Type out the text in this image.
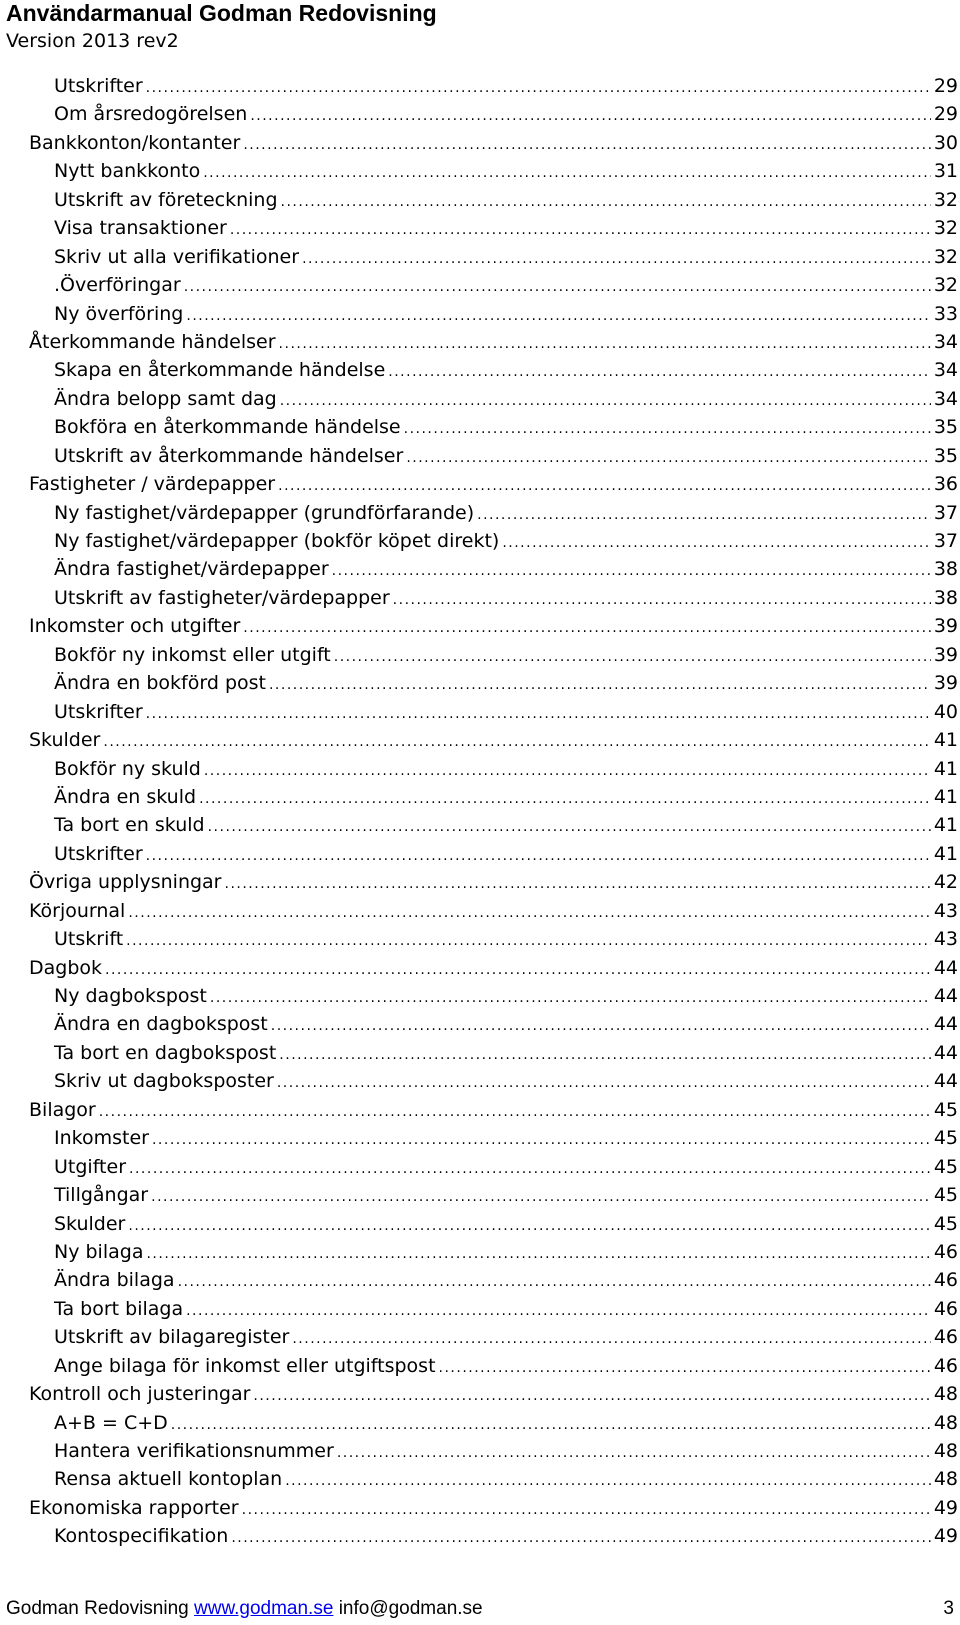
Användarmanual Godman Redovisning
Version 2013 rev2
Utskrifter .....	29
Om årsredogörelsen .....	29
Bankkonton/kontanter .....	30
Nytt bankkonto .....	31
Utskrift av företeckning .....	32
Visa transaktioner .....	32
Skriv ut alla verifikationer .....	32
.Överföringar .....	32
Ny överföring .....	33
Återkommande händelser .....	34
Skapa en återkommande händelse .....	34
Ändra belopp samt dag .....	34
Bokföra en återkommande händelse .....	35
Utskrift av återkommande händelser .....	35
Fastigheter / värdepapper .....	36
Ny fastighet/värdepapper (grundförfarande) .....	37
Ny fastighet/värdepapper (bokför köpet direkt) .....	37
Ändra fastighet/värdepapper .....	38
Utskrift av fastigheter/värdepapper .....	38
Inkomster och utgifter .....	39
Bokför ny inkomst eller utgift .....	39
Ändra en bokförd post .....	39
Utskrifter .....	40
Skulder .....	41
Bokför ny skuld .....	41
Ändra en skuld .....	41
Ta bort en skuld .....	41
Utskrifter .....	41
Övriga upplysningar .....	42
Körjournal .....	43
Utskrift .....	43
Dagbok .....	44
Ny dagbokspost .....	44
Ändra en dagbokspost .....	44
Ta bort en dagbokspost .....	44
Skriv ut dagboksposter .....	44
Bilagor .....	45
Inkomster .....	45
Utgifter .....	45
Tillgångar .....	45
Skulder .....	45
Ny bilaga .....	46
Ändra bilaga .....	46
Ta bort bilaga .....	46
Utskrift av bilagaregister .....	46
Ange bilaga för inkomst eller utgiftspost .....	46
Kontroll och justeringar .....	48
A+B = C+D .....	48
Hantera verifikationsnummer .....	48
Rensa aktuell kontoplan .....	48
Ekonomiska rapporter .....	49
Kontospecifikation .....	49
Godman Redovisning
www.godman.se
info@godman.se	3
